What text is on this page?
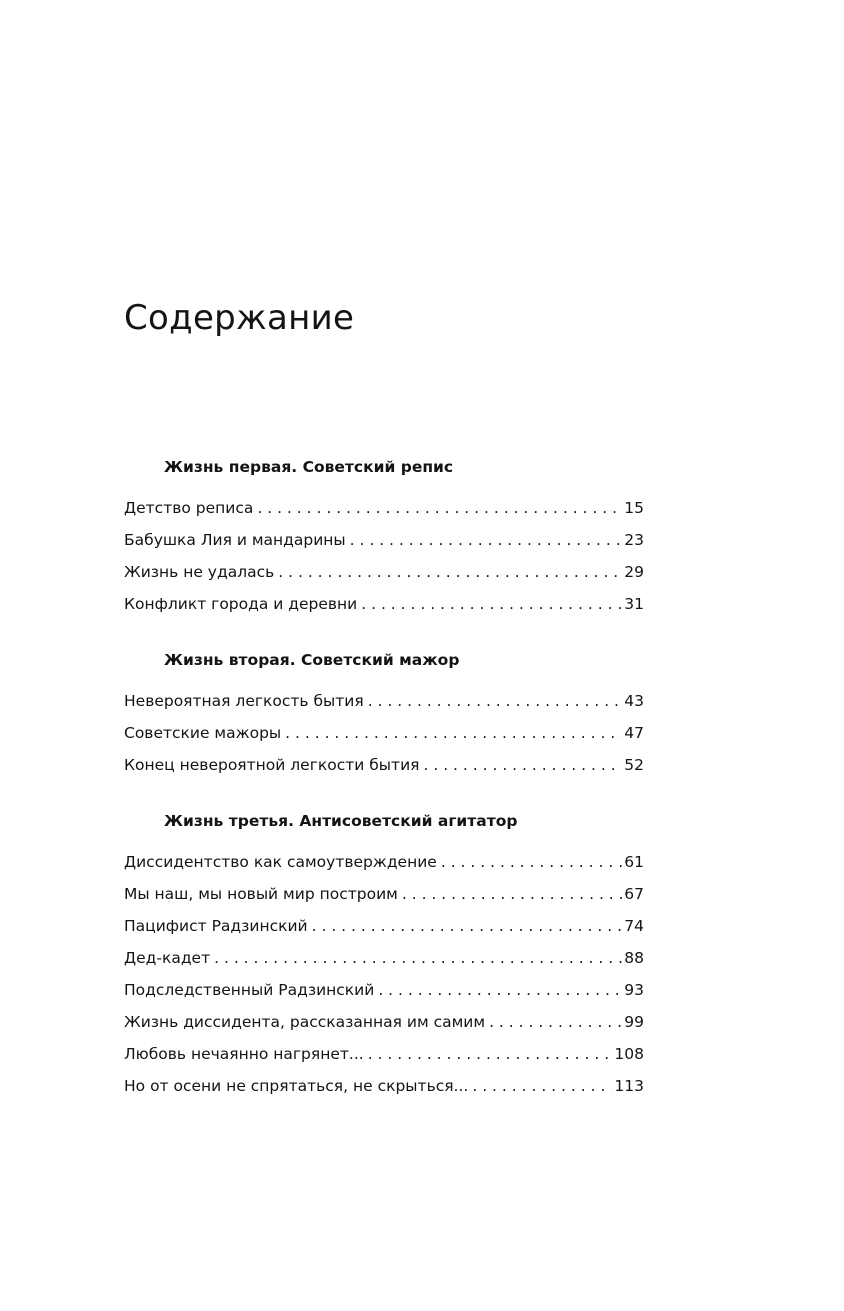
Содержание
Жизнь первая. Советский репис
Детство реписа . . .	15
Бабушка Лия и мандарины . . .	23
Жизнь не удалась . . .	29
Конфликт города и деревни . . .	31
Жизнь вторая. Советский мажор
Невероятная легкость бытия . . .	43
Советские мажоры . . .	47
Конец невероятной легкости бытия . . .	52
Жизнь третья. Антисоветский агитатор
Диссидентство как самоутверждение . . .	61
Мы наш, мы новый мир построим . . .	67
Пацифист Радзинский . . .	74
Дед-кадет . . .	88
Подследственный Радзинский . . .	93
Жизнь диссидента, рассказанная им самим . . .	99
Любовь нечаянно нагрянет... . . .	108
Но от осени не спрятаться, не скрыться... . . .	113
